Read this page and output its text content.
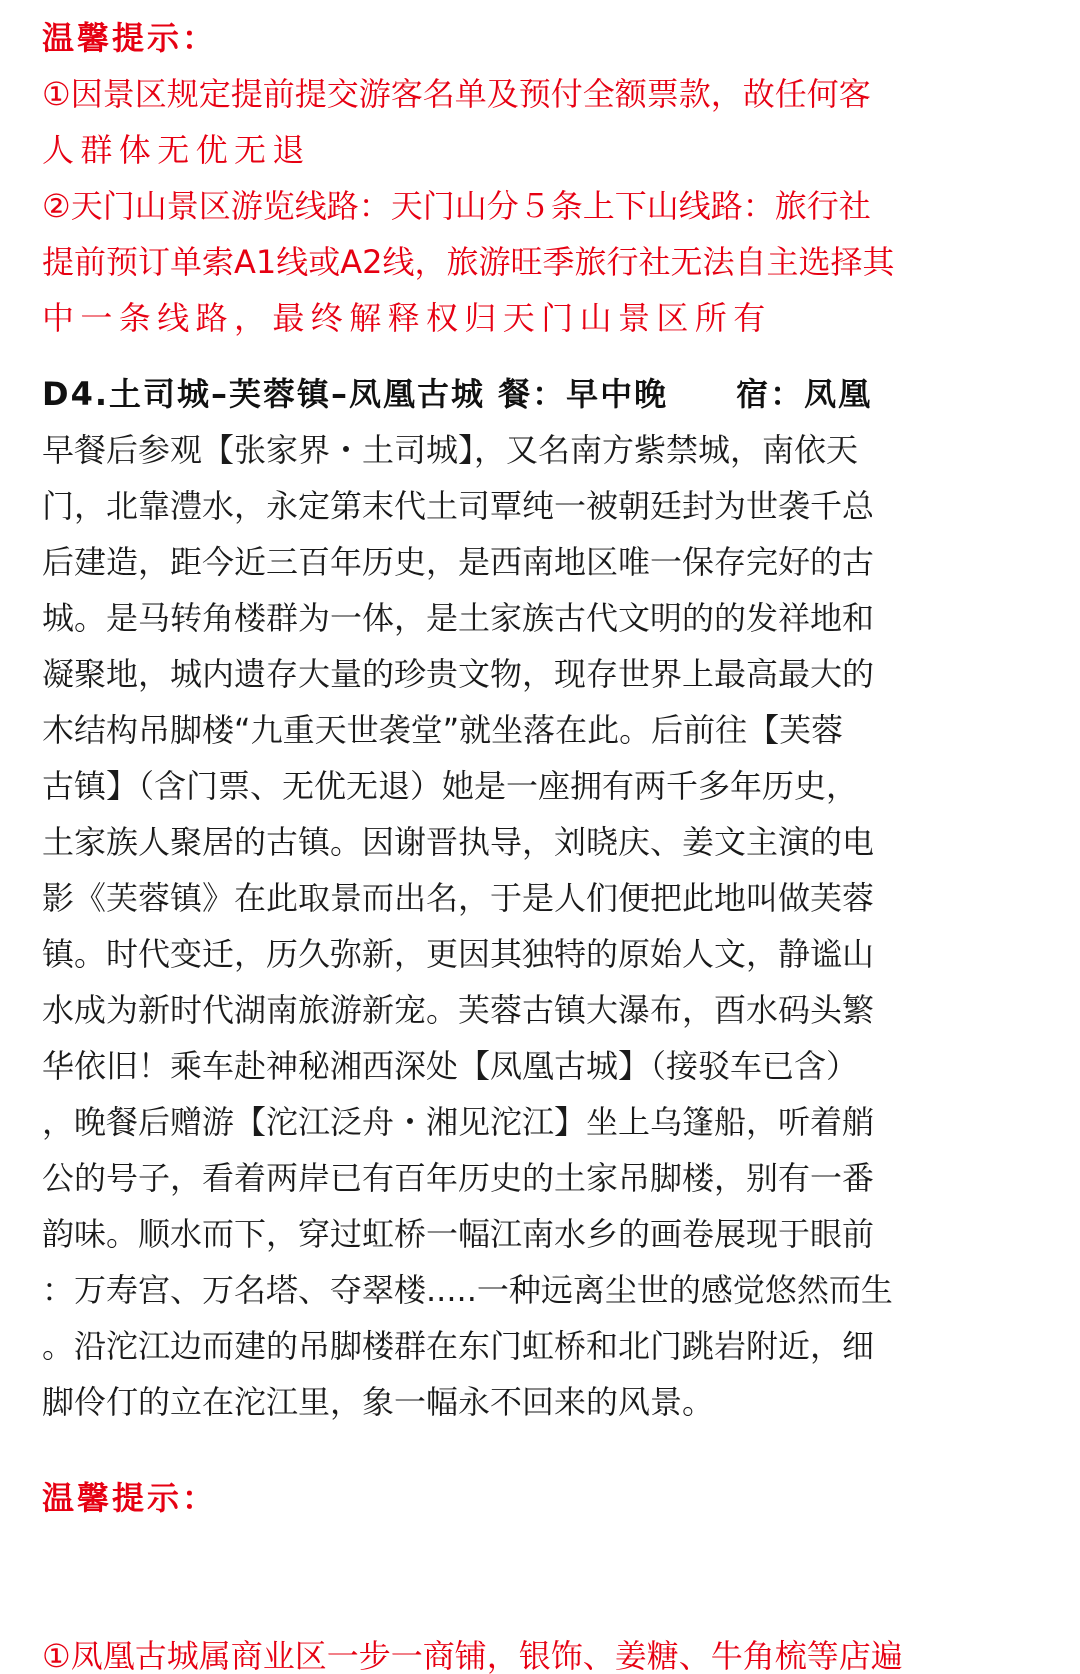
温馨提示：
①因景区规定提前提交游客名单及预付全额票款，故任何客
人群体无优无退
②天门山景区游览线路：天门山分５条上下山线路：旅行社
提前预订单索A1线或A2线，旅游旺季旅行社无法自主选择其
中一条线路，最终解释权归天门山景区所有
D4.土司城–芙蓉镇–凤凰古城 餐：早中晚　　宿：凤凰
早餐后参观【张家界・土司城】，又名南方紫禁城，南依天
门，北靠澧水，永定第末代土司覃纯一被朝廷封为世袭千总
后建造，距今近三百年历史，是西南地区唯一保存完好的古
城。是马转角楼群为一体，是土家族古代文明的的发祥地和
凝聚地，城内遗存大量的珍贵文物，现存世界上最高最大的
木结构吊脚楼“九重天世袭堂”就坐落在此。后前往【芙蓉
古镇】（含门票、无优无退）她是一座拥有两千多年历史，
土家族人聚居的古镇。因谢晋执导，刘晓庆、姜文主演的电
影《芙蓉镇》在此取景而出名，于是人们便把此地叫做芙蓉
镇。时代变迁，历久弥新，更因其独特的原始人文，静谧山
水成为新时代湖南旅游新宠。芙蓉古镇大瀑布，酉水码头繁
华依旧！乘车赴神秘湘西深处【凤凰古城】（接驳车已含）
，晚餐后赠游【沱江泛舟・湘见沱江】坐上乌篷船，听着艄
公的号子，看着两岸已有百年历史的土家吊脚楼，别有一番
韵味。顺水而下，穿过虹桥一幅江南水乡的画卷展现于眼前
：万寿宫、万名塔、夺翠楼.....一种远离尘世的感觉悠然而生
。沿沱江边而建的吊脚楼群在东门虹桥和北门跳岩附近，细
脚伶仃的立在沱江里，象一幅永不回来的风景。
温馨提示：
①凤凰古城属商业区一步一商铺，银饰、姜糖、牛角梳等店遍
